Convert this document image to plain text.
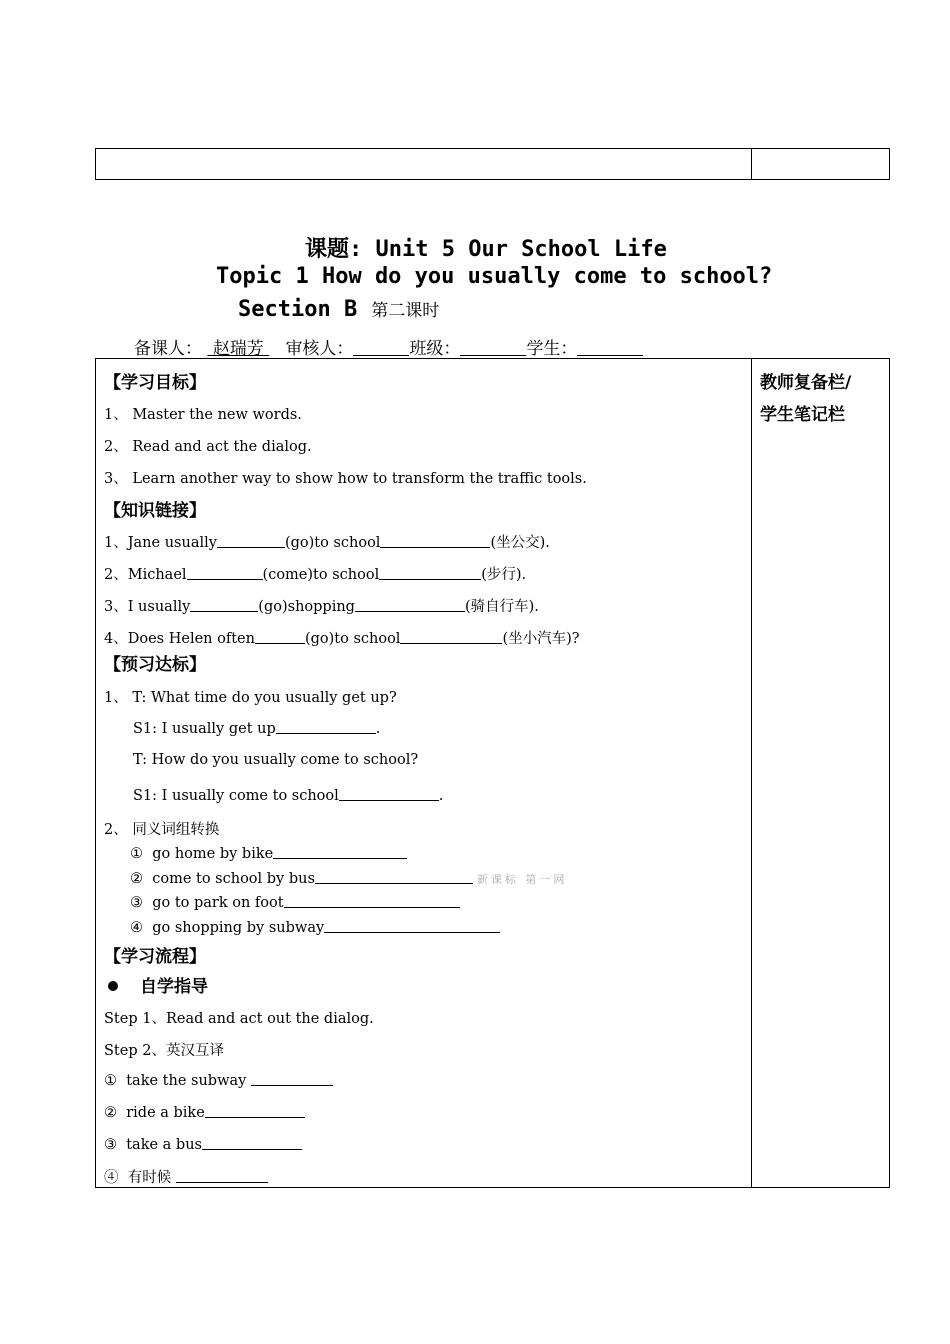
课题: Unit 5 Our School Life
Topic 1 How do you usually come to school?
Section B 第二课时
备课人： 赵瑞芳 审核人：	班级：	学生：
教师复备栏/
学生笔记栏
【学习目标】
1、 Master the new words.
2、 Read and act the dialog.
3、 Learn another way to show how to transform the traffic tools.
【知识链接】
1、Jane usually	(go)to school	(坐公交).
2、Michael	(come)to school	(步行).
3、I usually	(go)shopping	(骑自行车).
4、Does Helen often	(go)to school	(坐小汽车)?
【预习达标】
1、 T: What time do you usually get up?
S1: I usually get up	.
T: How do you usually come to school?
S1: I usually come to school	.
2、 同义词组转换
①  go home by bike
②  come to school by bus	新课标 第一网
③  go to park on foot
④  go shopping by subway
【学习流程】
自学指导
Step 1、Read and act out the dialog.
Step 2、英汉互译
①  take the subway
②  ride a bike
③  take a bus
④  有时候
